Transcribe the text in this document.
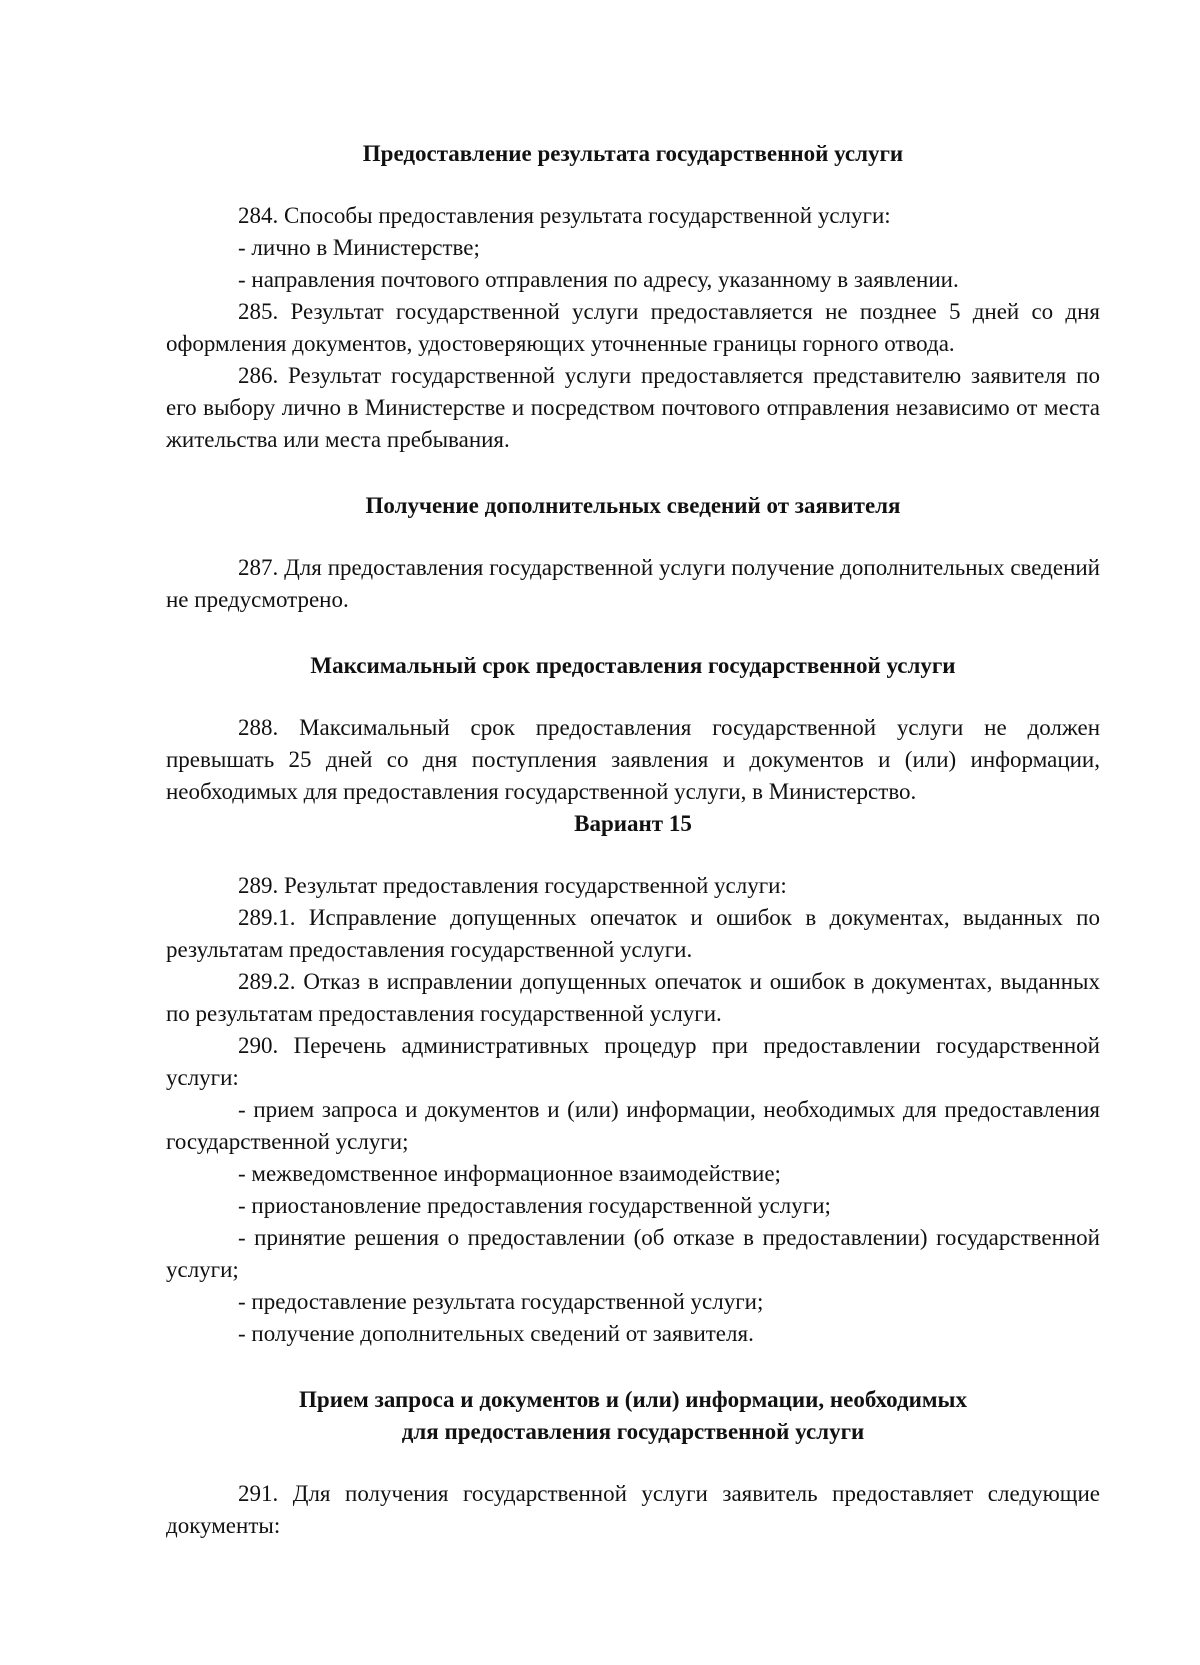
Предоставление результата государственной услуги

284. Способы предоставления результата государственной услуги:

- лично в Министерстве;

- направления почтового отправления по адресу, указанному в заявлении.

285. Результат государственной услуги предоставляется не позднее 5 дней со дня оформления документов, удостоверяющих уточненные границы горного отвода.

286. Результат государственной услуги предоставляется представителю заявителя по его выбору лично в Министерстве и посредством почтового отправления независимо от места жительства или места пребывания.

Получение дополнительных сведений от заявителя

287. Для предоставления государственной услуги получение дополнительных сведений не предусмотрено.

Максимальный срок предоставления государственной услуги

288. Максимальный срок предоставления государственной услуги не должен превышать 25 дней со дня поступления заявления и документов и (или) информации, необходимых для предоставления государственной услуги, в Министерство.

Вариант 15

289. Результат предоставления государственной услуги:

289.1. Исправление допущенных опечаток и ошибок в документах, выданных по результатам предоставления государственной услуги.

289.2. Отказ в исправлении допущенных опечаток и ошибок в документах, выданных по результатам предоставления государственной услуги.

290. Перечень административных процедур при предоставлении государственной услуги:

- прием запроса и документов и (или) информации, необходимых для предоставления государственной услуги;

- межведомственное информационное взаимодействие;

- приостановление предоставления государственной услуги;

- принятие решения о предоставлении (об отказе в предоставлении) государственной услуги;

- предоставление результата государственной услуги;

- получение дополнительных сведений от заявителя.

Прием запроса и документов и (или) информации, необходимых
для предоставления государственной услуги

291. Для получения государственной услуги заявитель предоставляет следующие документы:
